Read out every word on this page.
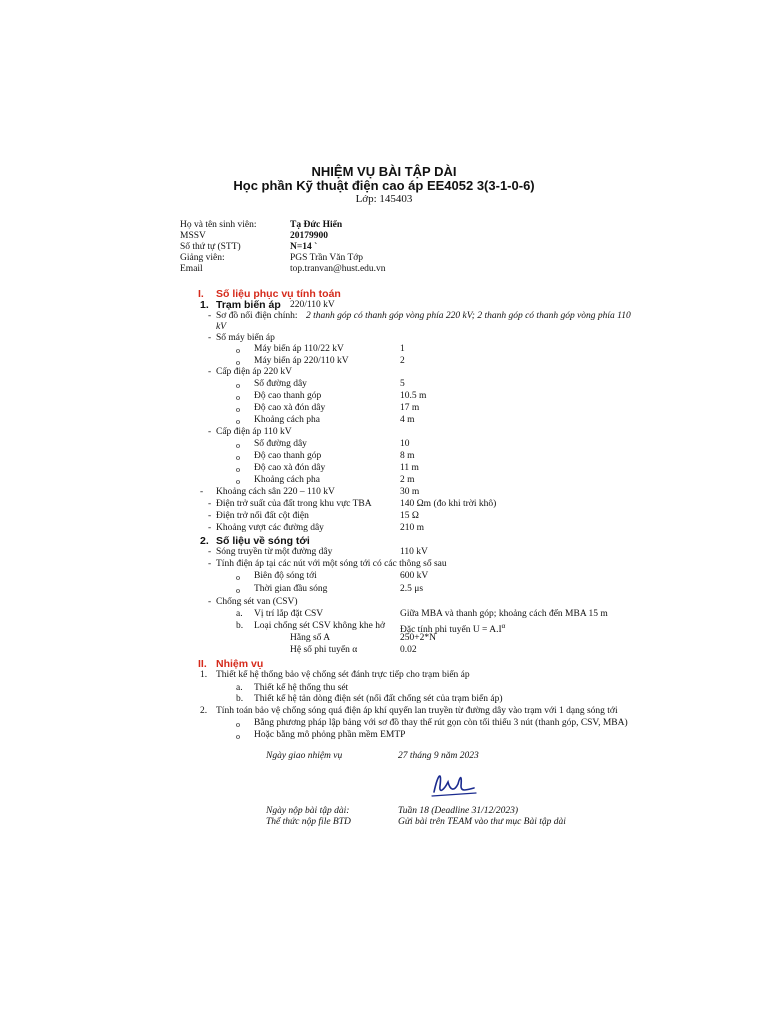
NHIỆM VỤ BÀI TẬP DÀI
Học phần Kỹ thuật điện cao áp EE4052 3(3-1-0-6)
Lớp: 145403
Họ và tên sinh viên:	Tạ Đức Hiển
MSSV	20179900
Số thứ tự (STT)	N=14 `
Giảng viên:	PGS Trần Văn Tớp
Email	top.tranvan@hust.edu.vn
I. Số liệu phục vụ tính toán
1. Trạm biến áp 220/110 kV
- Sơ đồ nối điện chính: 2 thanh góp có thanh góp vòng phía 220 kV; 2 thanh góp có thanh góp vòng phía 110
kV
- Số máy biến áp
o Máy biến áp 110/22 kV	1
o Máy biến áp 220/110 kV	2
- Cấp điện áp 220 kV
o Số đường dây	5
o Độ cao thanh góp	10.5 m
o Độ cao xà đón dây	17 m
o Khoảng cách pha	4 m
- Cấp điện áp 110 kV
o Số đường dây	10
o Độ cao thanh góp	8 m
o Độ cao xà đón dây	11 m
o Khoảng cách pha	2 m
- Khoảng cách sân 220 – 110 kV	30 m
- Điện trở suất của đất trong khu vực TBA	140 Ωm (đo khi trời khô)
- Điện trở nối đất cột điện	15 Ω
- Khoảng vượt các đường dây	210 m
2. Số liệu về sóng tới
- Sóng truyền từ một đường dây	110 kV
- Tính điện áp tại các nút với một sóng tới có các thông số sau
o Biên độ sóng tới	600 kV
o Thời gian đầu sóng	2.5 μs
- Chống sét van (CSV)
a. Vị trí lắp đặt CSV	Giữa MBA và thanh góp; khoảng cách đến MBA 15 m
b. Loại chống sét CSV không khe hở Đặc tính phi tuyến $U = A.I^\alpha$
Hằng số A	250+2*N
Hệ số phi tuyến α	0.02
II. Nhiệm vụ
1. Thiết kế hệ thống bảo vệ chống sét đánh trực tiếp cho trạm biến áp
a. Thiết kế hệ thống thu sét
b. Thiết kế hệ tản dòng điện sét (nối đất chống sét của trạm biến áp)
2. Tính toán bảo vệ chống sóng quá điện áp khí quyển lan truyền từ đường dây vào trạm với 1 dạng sóng tới
o Bằng phương pháp lập bảng với sơ đồ thay thế rút gọn còn tối thiểu 3 nút (thanh góp, CSV, MBA)
o Hoặc bằng mô phỏng phần mềm EMTP
Ngày giao nhiệm vụ	27 tháng 9 năm 2023
Ngày nộp bài tập dài:	Tuần 18 (Deadline 31/12/2023)
Thể thức nộp file BTD	Gửi bài trên TEAM vào thư mục Bài tập dài
